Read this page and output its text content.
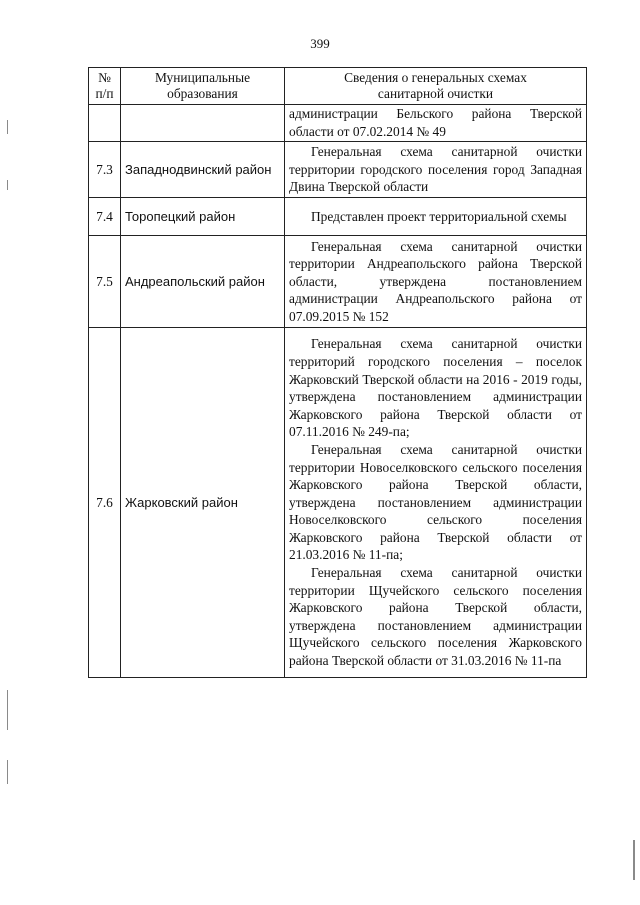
399
№
п/п	Муниципальные образования	Сведения о генеральных схемах санитарной очистки

		администрации Бельского района Тверской области от 07.02.2014 № 49

7.3	Западнодвинский район	Генеральная схема санитарной очистки территории городского поселения город Западная Двина Тверской области

7.4	Торопецкий район	Представлен проект территориальной схемы

7.5	Андреапольский район	Генеральная схема санитарной очистки территории Андреапольского района Тверской области, утверждена постановлением администрации Андреапольского района от 07.09.2015 № 152

7.6	Жарковский район	Генеральная схема санитарной очистки территорий городского поселения – поселок Жарковский Тверской области на 2016 - 2019 годы, утверждена постановлением администрации Жарковского района Тверской области от 07.11.2016 № 249-па;
Генеральная схема санитарной очистки территории Новоселковского сельского поселения Жарковского района Тверской области, утверждена постановлением администрации Новоселковского сельского поселения Жарковского района Тверской области от 21.03.2016 № 11-па;
Генеральная схема санитарной очистки территории Щучейского сельского поселения Жарковского района Тверской области, утверждена постановлением администрации Щучейского сельского поселения Жарковского района Тверской области от 31.03.2016 № 11-па
